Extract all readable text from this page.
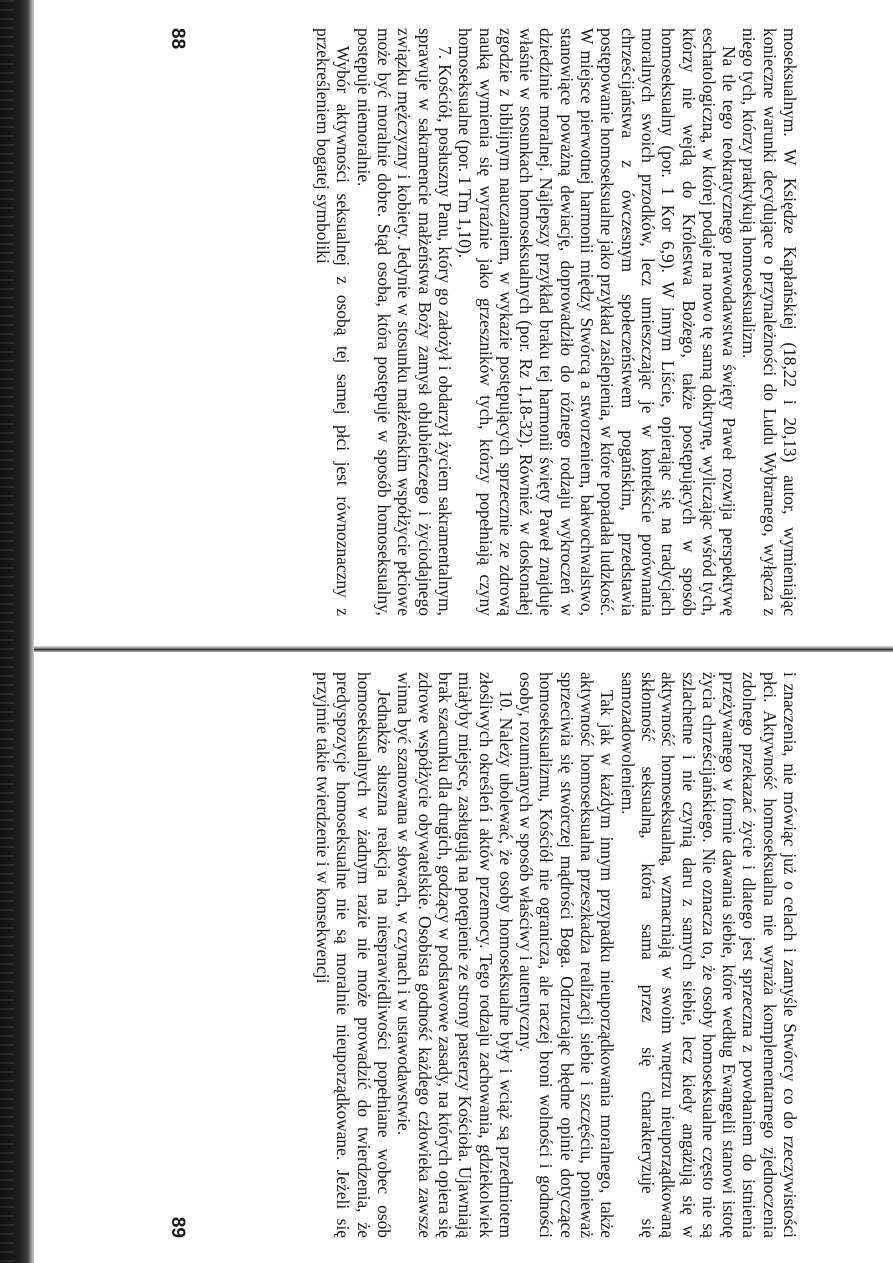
moseksualnym. W Księdze Kapłańskiej (18,22 i 20,13) autor, wymieniając konieczne warunki decydujące o przynależności do Ludu Wybranego, wyłącza z niego tych, którzy praktykują homoseksualizm.

Na tle tego teokratycznego prawodawstwa święty Paweł rozwija perspektywę eschatologiczną, w której podaje na nowo tę samą doktrynę, wyliczając wśród tych, którzy nie wejdą do Królestwa Bożego, także postępujących w sposób homoseksualny (por. 1 Kor 6,9). W innym Liście, opierając się na tradycjach moralnych swoich przodków, lecz umieszczając je w kontekście porównania chrześcijaństwa z ówczesnym społeczeństwem pogańskim, przedstawia postępowanie homoseksualne jako przykład zaślepienia, w które popadała ludzkość. W miejsce pierwotnej harmonii między Stwórcą a stworzeniem, bałwochwalstwo, stanowiące poważną dewiację, doprowadziło do różnego rodzaju wykroczeń w dziedzinie moralnej. Najlepszy przykład braku tej harmonii święty Paweł znajduje właśnie w stosunkach homoseksualnych (por. Rz 1,18-32). Również w doskonałej zgodzie z biblijnym nauczaniem, w wykazie postępujących sprzecznie ze zdrową nauką wymienia się wyraźnie jako grzeszników tych, którzy popełniają czyny homoseksualne (por. 1 Tm 1,10).

7. Kościół, posłuszny Panu, który go założył i obdarzył życiem sakramentalnym, sprawuje w sakramencie małżeństwa Boży zamysł oblubieńczego i życiodajnego związku mężczyzny i kobiety. Jedynie w stosunku małżeńskim współżycie płciowe może być moralnie dobre. Stąd osoba, która postępuje w sposób homoseksualny, postępuje niemoralnie.

Wybór aktywności seksualnej z osobą tej samej płci jest równoznaczny z przekreśleniem bogatej symboliki

88

i znaczenia, nie mówiąc już o celach i zamyśle Stwórcy co do rzeczywistości płci. Aktywność homoseksualna nie wyraża komplementarnego zjednoczenia zdolnego przekazać życie i dlatego jest sprzeczna z powołaniem do istnienia przeżywanego w formie dawania siebie, które według Ewangelii stanowi istotę życia chrześcijańskiego. Nie oznacza to, że osoby homoseksualne często nie są szlachetne i nie czynią daru z samych siebie, lecz kiedy angażują się w aktywność homoseksualną, wzmacniają w swoim wnętrzu nieuporządkowaną skłonność seksualną, która sama przez się charakteryzuje się samozadowoleniem.

Tak jak w każdym innym przypadku nieuporządkowania moralnego, także aktywność homoseksualna przeszkadza realizacji siebie i szczęściu, ponieważ sprzeciwia się stwórczej mądrości Boga. Odrzucając błędne opinie dotyczące homoseksualizmu, Kościół nie ogranicza, ale raczej broni wolności i godności osoby, rozumianych w sposób właściwy i autentyczny.

10. Należy ubolewać, że osoby homoseksualne były i wciąż są przedmiotem złośliwych określeń i aktów przemocy. Tego rodzaju zachowania, gdziekolwiek miałyby miejsce, zasługują na potępienie ze strony pasterzy Kościoła. Ujawniają brak szacunku dla drugich, godzący w podstawowe zasady, na których opiera się zdrowe współżycie obywatelskie. Osobista godność każdego człowieka zawsze winna być szanowana w słowach, w czynach i w ustawodawstwie.

Jednakże słuszna reakcja na niesprawiedliwości popełniane wobec osób homoseksualnych w żadnym razie nie może prowadzić do twierdzenia, że predyspozycje homoseksualne nie są moralnie nieuporządkowane. Jeżeli się przyjmie takie twierdzenie i w konsekwencji

89
